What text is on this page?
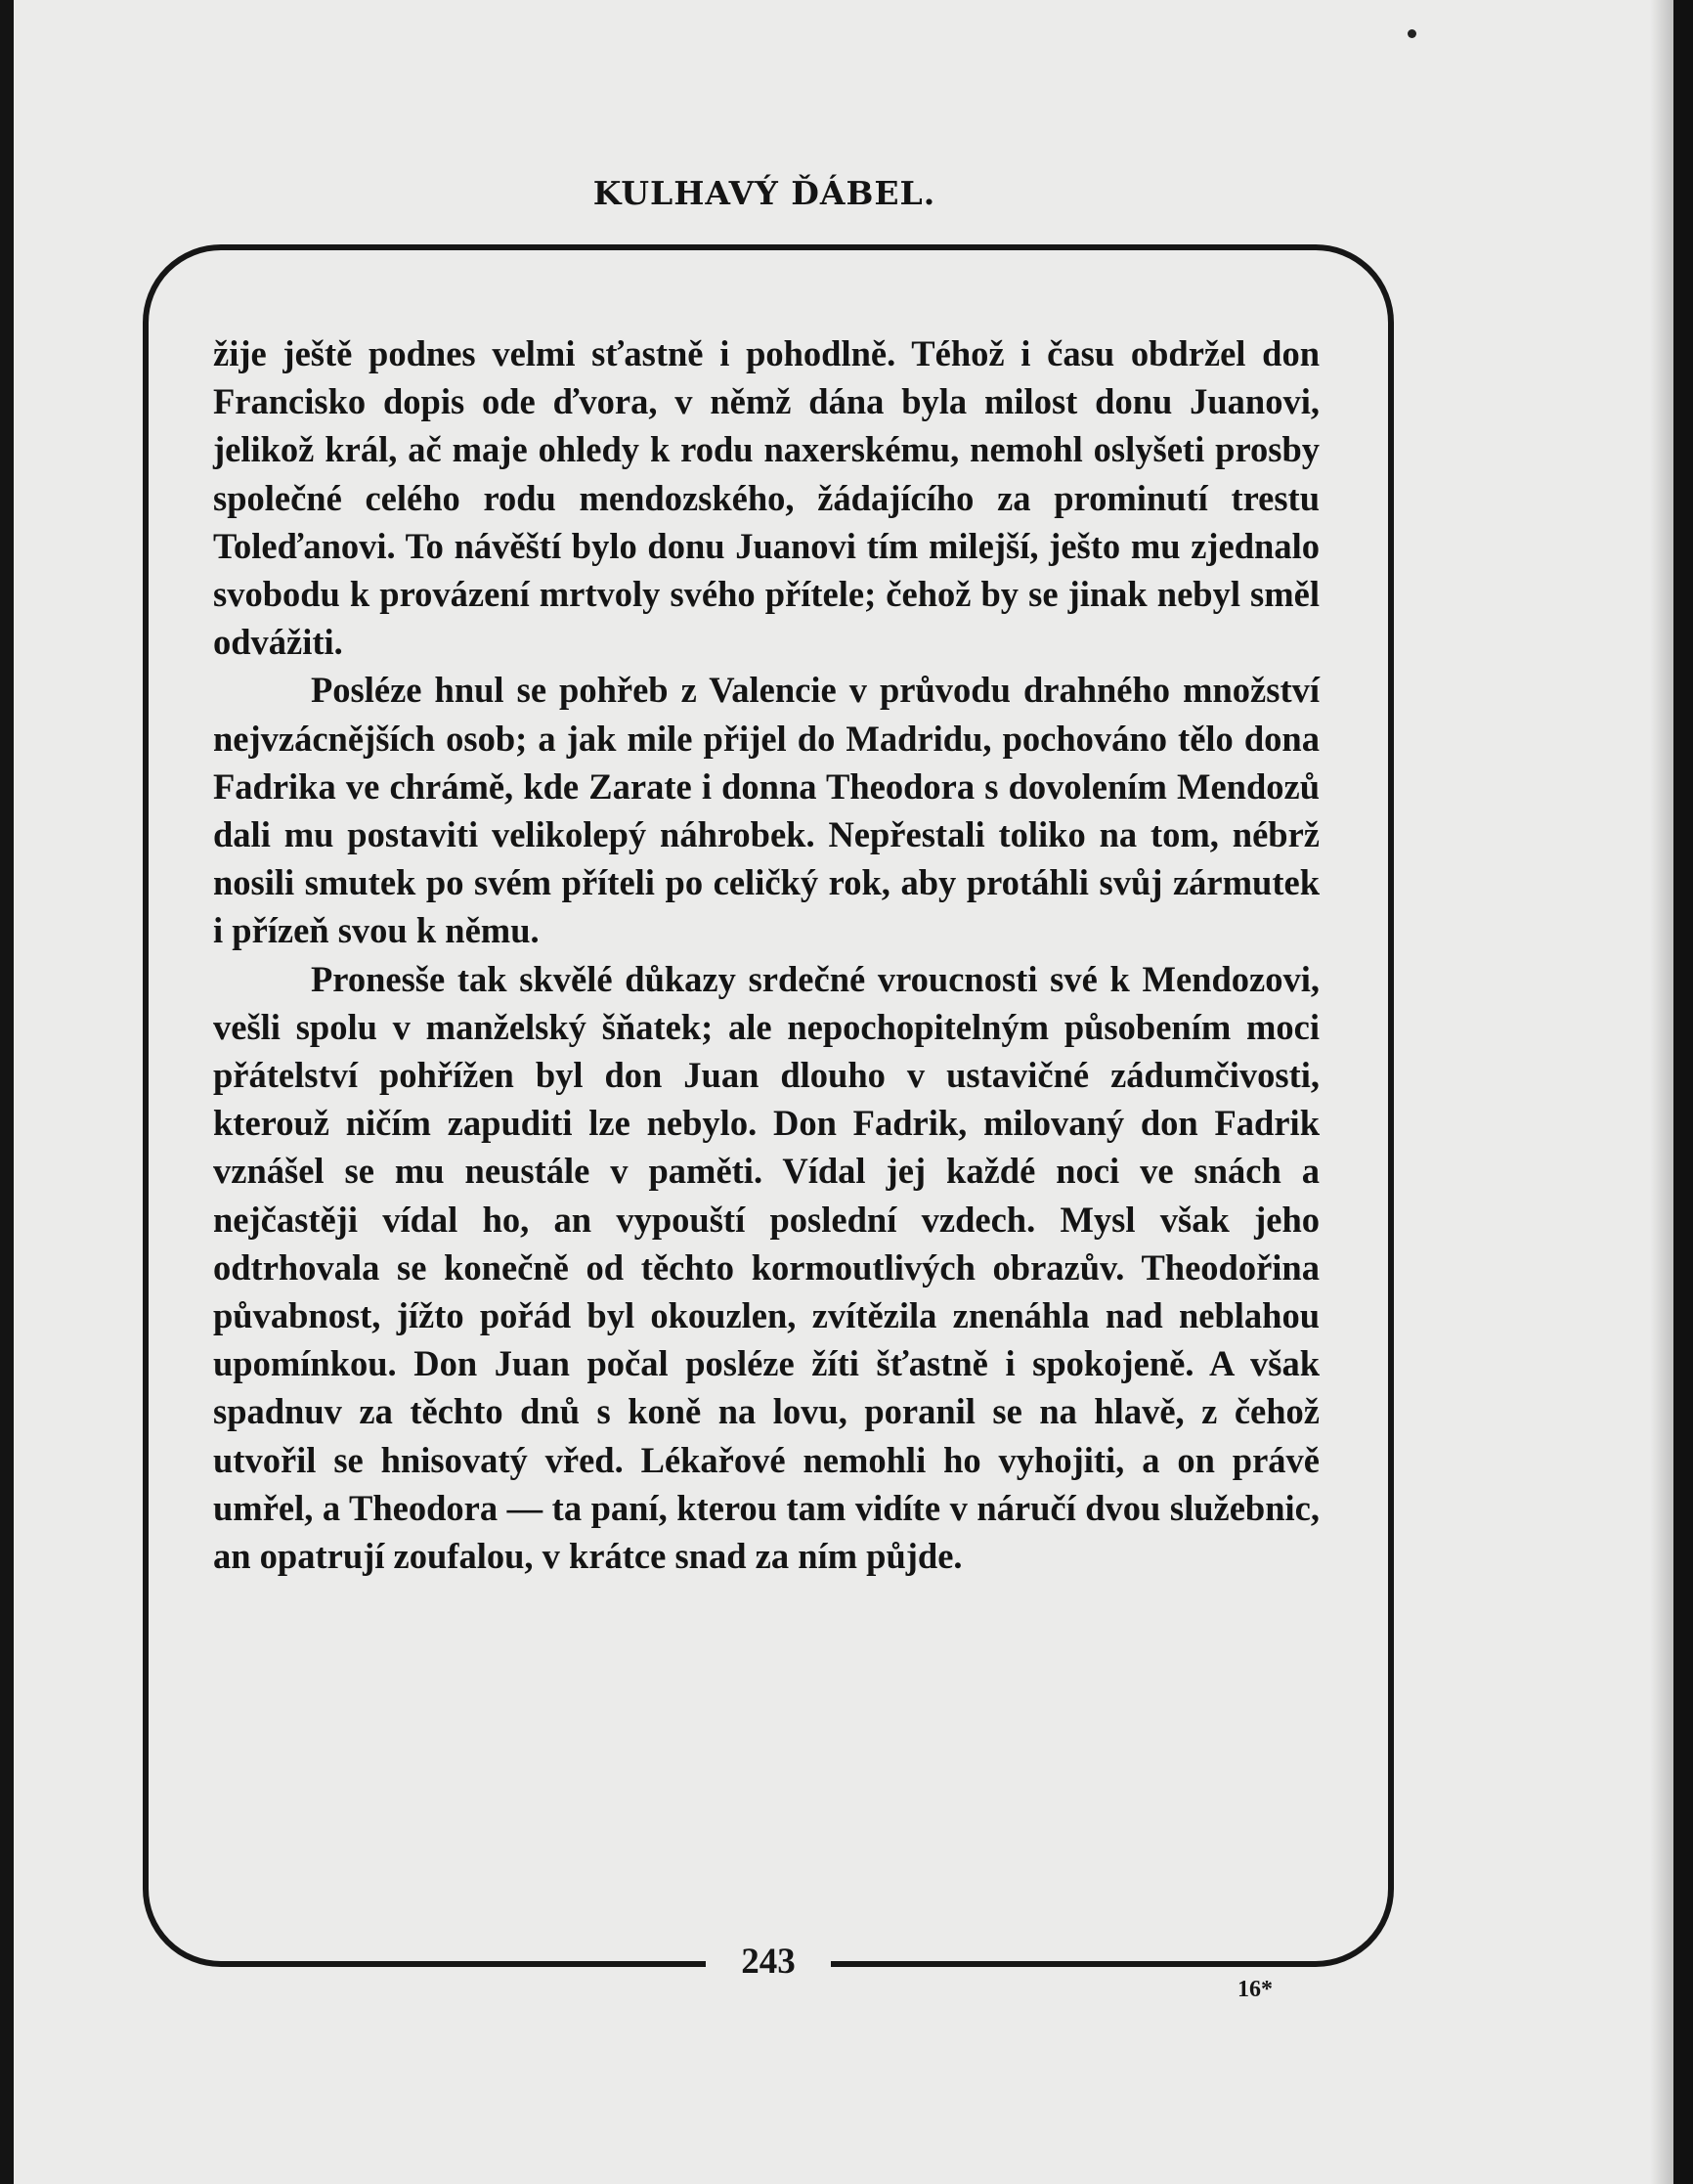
KULHAVÝ ĎÁBEL.

žije ještě podnes velmi sťastně i pohodlně. Téhož i času obdržel don Francisko dopis ode ďvora, v němž dána byla milost donu Juanovi, jelikož král, ač maje ohledy k rodu naxerskému, nemohl oslyšeti prosby společné celého rodu mendozského, žádajícího za prominutí trestu Toleďanovi. To návěští bylo donu Juanovi tím milejší, ješto mu zjednalo svobodu k provázení mrtvoly svého přítele; čehož by se jinak nebyl směl odvážiti.

Posléze hnul se pohřeb z Valencie v průvodu drahného množství nejvzácnějších osob; a jak mile přijel do Madridu, pochováno tělo dona Fadrika ve chrámě, kde Zarate i donna Theodora s dovolením Mendozů dali mu postaviti velikolepý náhrobek. Nepřestali toliko na tom, nébrž nosili smutek po svém příteli po celičký rok, aby protáhli svůj zármutek i přízeň svou k němu.

Pronesše tak skvělé důkazy srdečné vroucnosti své k Mendozovi, vešli spolu v manželský šňatek; ale nepochopitelným působením moci přátelství pohřížen byl don Juan dlouho v ustavičné zádumčivosti, kterouž ničím zapuditi lze nebylo. Don Fadrik, milovaný don Fadrik vznášel se mu neustále v paměti. Vídal jej každé noci ve snách a nejčastěji vídal ho, an vypouští poslední vzdech. Mysl však jeho odtrhovala se konečně od těchto kormoutlivých obrazův. Theodořina půvabnost, jížto pořád byl okouzlen, zvítězila znenáhla nad neblahou upomínkou. Don Juan počal posléze žíti šťastně i spokojeně. A však spadnuv za těchto dnů s koně na lovu, poranil se na hlavě, z čehož utvořil se hnisovatý vřed. Lékařové nemohli ho vyhojiti, a on právě umřel, a Theodora — ta paní, kterou tam vidíte v náručí dvou služebnic, an opatrují zoufalou, v krátce snad za ním půjde.

243
16*
